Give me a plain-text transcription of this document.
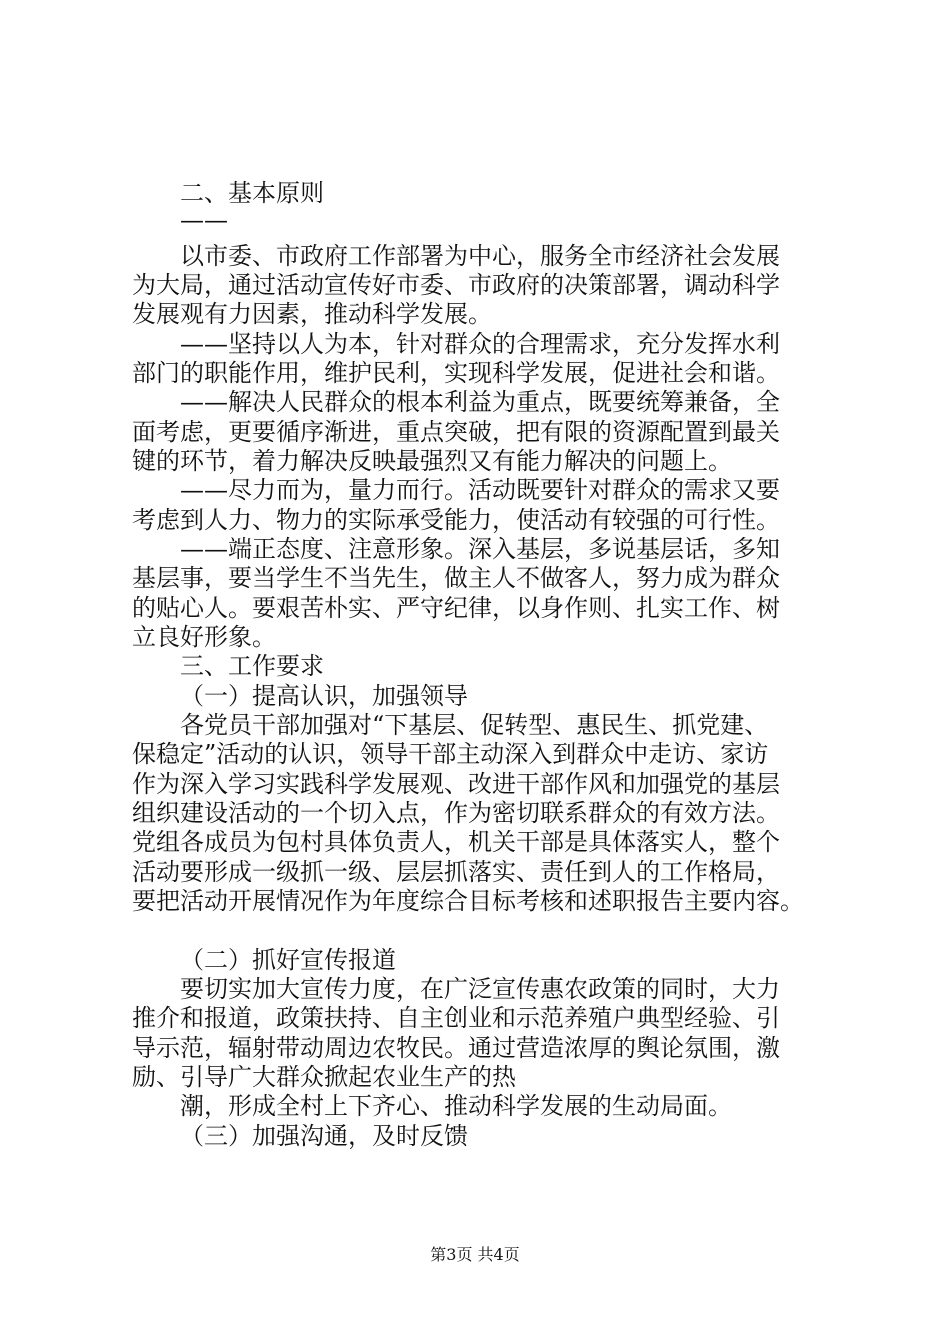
二、基本原则
——
以市委、市政府工作部署为中心，服务全市经济社会发展
为大局，通过活动宣传好市委、市政府的决策部署，调动科学
发展观有力因素，推动科学发展。
——坚持以人为本，针对群众的合理需求，充分发挥水利
部门的职能作用，维护民利，实现科学发展，促进社会和谐。
——解决人民群众的根本利益为重点，既要统筹兼备，全
面考虑，更要循序渐进，重点突破，把有限的资源配置到最关
键的环节，着力解决反映最强烈又有能力解决的问题上。
——尽力而为，量力而行。活动既要针对群众的需求又要
考虑到人力、物力的实际承受能力，使活动有较强的可行性。
——端正态度、注意形象。深入基层，多说基层话，多知
基层事，要当学生不当先生，做主人不做客人，努力成为群众
的贴心人。要艰苦朴实、严守纪律，以身作则、扎实工作、树
立良好形象。
三、工作要求
（一）提高认识，加强领导
各党员干部加强对“下基层、促转型、惠民生、抓党建、
保稳定”活动的认识，领导干部主动深入到群众中走访、家访
作为深入学习实践科学发展观、改进干部作风和加强党的基层
组织建设活动的一个切入点，作为密切联系群众的有效方法。
党组各成员为包村具体负责人，机关干部是具体落实人，整个
活动要形成一级抓一级、层层抓落实、责任到人的工作格局，
要把活动开展情况作为年度综合目标考核和述职报告主要内容。
（二）抓好宣传报道
要切实加大宣传力度，在广泛宣传惠农政策的同时，大力
推介和报道，政策扶持、自主创业和示范养殖户典型经验、引
导示范，辐射带动周边农牧民。通过营造浓厚的舆论氛围，激
励、引导广大群众掀起农业生产的热
潮，形成全村上下齐心、推动科学发展的生动局面。
（三）加强沟通，及时反馈
第3页 共4页
